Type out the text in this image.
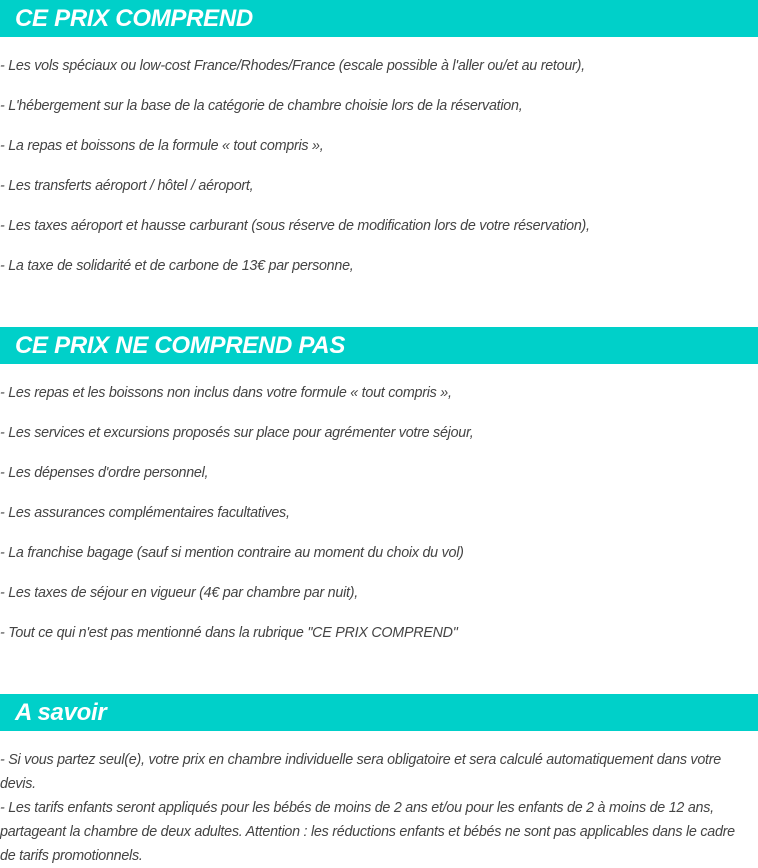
CE PRIX COMPREND
- Les vols spéciaux ou low-cost France/Rhodes/France (escale possible à l'aller ou/et au retour),
- L'hébergement sur la base de la catégorie de chambre choisie lors de la réservation,
- La repas et boissons de la formule « tout compris »,
- Les transferts aéroport / hôtel / aéroport,
- Les taxes aéroport et hausse carburant (sous réserve de modification lors de votre réservation),
- La taxe de solidarité et de carbone de 13€ par personne,
CE PRIX NE COMPREND PAS
- Les repas et les boissons non inclus dans votre formule « tout compris »,
- Les services et excursions proposés sur place pour agrémenter votre séjour,
- Les dépenses d'ordre personnel,
- Les assurances complémentaires facultatives,
- La franchise bagage (sauf si mention contraire au moment du choix du vol)
- Les taxes de séjour en vigueur (4€ par chambre par nuit),
- Tout ce qui n'est pas mentionné dans la rubrique "CE PRIX COMPREND"
A savoir
- Si vous partez seul(e), votre prix en chambre individuelle sera obligatoire et sera calculé automatiquement dans votre devis.
- Les tarifs enfants seront appliqués pour les bébés de moins de 2 ans et/ou pour les enfants de 2 à moins de 12 ans, partageant la chambre de deux adultes. Attention : les réductions enfants et bébés ne sont pas applicables dans le cadre de tarifs promotionnels.
